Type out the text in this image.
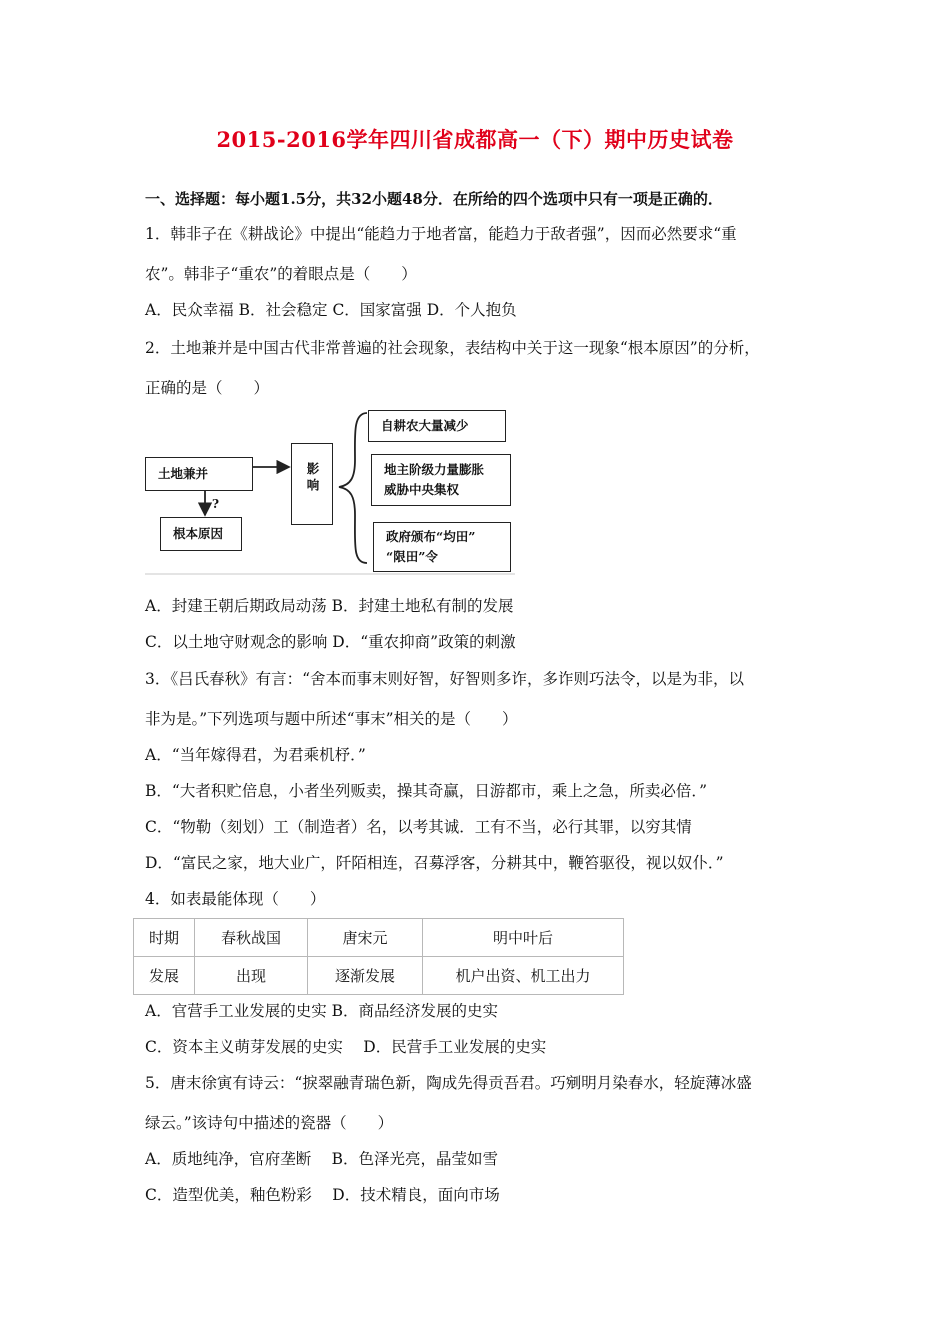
2015-2016学年四川省成都高一（下）期中历史试卷
一、选择题：每小题1.5分，共32小题48分．在所给的四个选项中只有一项是正确的．
1．韩非子在《耕战论》中提出“能趋力于地者富，能趋力于敌者强”，因而必然要求“重
农”。韩非子“重农”的着眼点是（　　）
A．民众幸福 B．社会稳定 C．国家富强 D．个人抱负
2．土地兼并是中国古代非常普遍的社会现象，表结构中关于这一现象“根本原因”的分析，
正确的是（　　）
土地兼并
?
根本原因
影响
自耕农大量减少
地主阶级力量膨胀
威胁中央集权
政府颁布“均田”
“限田”令
A．封建王朝后期政局动荡 B．封建土地私有制的发展
C．以土地守财观念的影响 D．“重农抑商”政策的刺激
3．《吕氏春秋》有言：“舍本而事末则好智，好智则多诈，多诈则巧法令，以是为非，以
非为是。”下列选项与题中所述“事末”相关的是（　　）
A．“当年嫁得君，为君乘机杼．”
B．“大者积贮倍息，小者坐列贩卖，操其奇赢，日游都市，乘上之急，所卖必倍．”
C．“物勒（刻划）工（制造者）名，以考其诚．工有不当，必行其罪，以穷其情
D．“富民之家，地大业广，阡陌相连，召募浮客，分耕其中，鞭笞驱役，视以奴仆．”
4．如表最能体现（　　）
时期	春秋战国	唐宋元	明中叶后
发展	出现	逐渐发展	机户出资、机工出力
A．官营手工业发展的史实 B．商品经济发展的史实
C．资本主义萌芽发展的史实　 D．民营手工业发展的史实
5．唐末徐寅有诗云：“捩翠融青瑞色新，陶成先得贡吾君。巧剜明月染春水，轻旋薄冰盛
绿云。”该诗句中描述的瓷器（　　）
A．质地纯净，官府垄断　 B．色泽光亮，晶莹如雪
C．造型优美，釉色粉彩　 D．技术精良，面向市场
